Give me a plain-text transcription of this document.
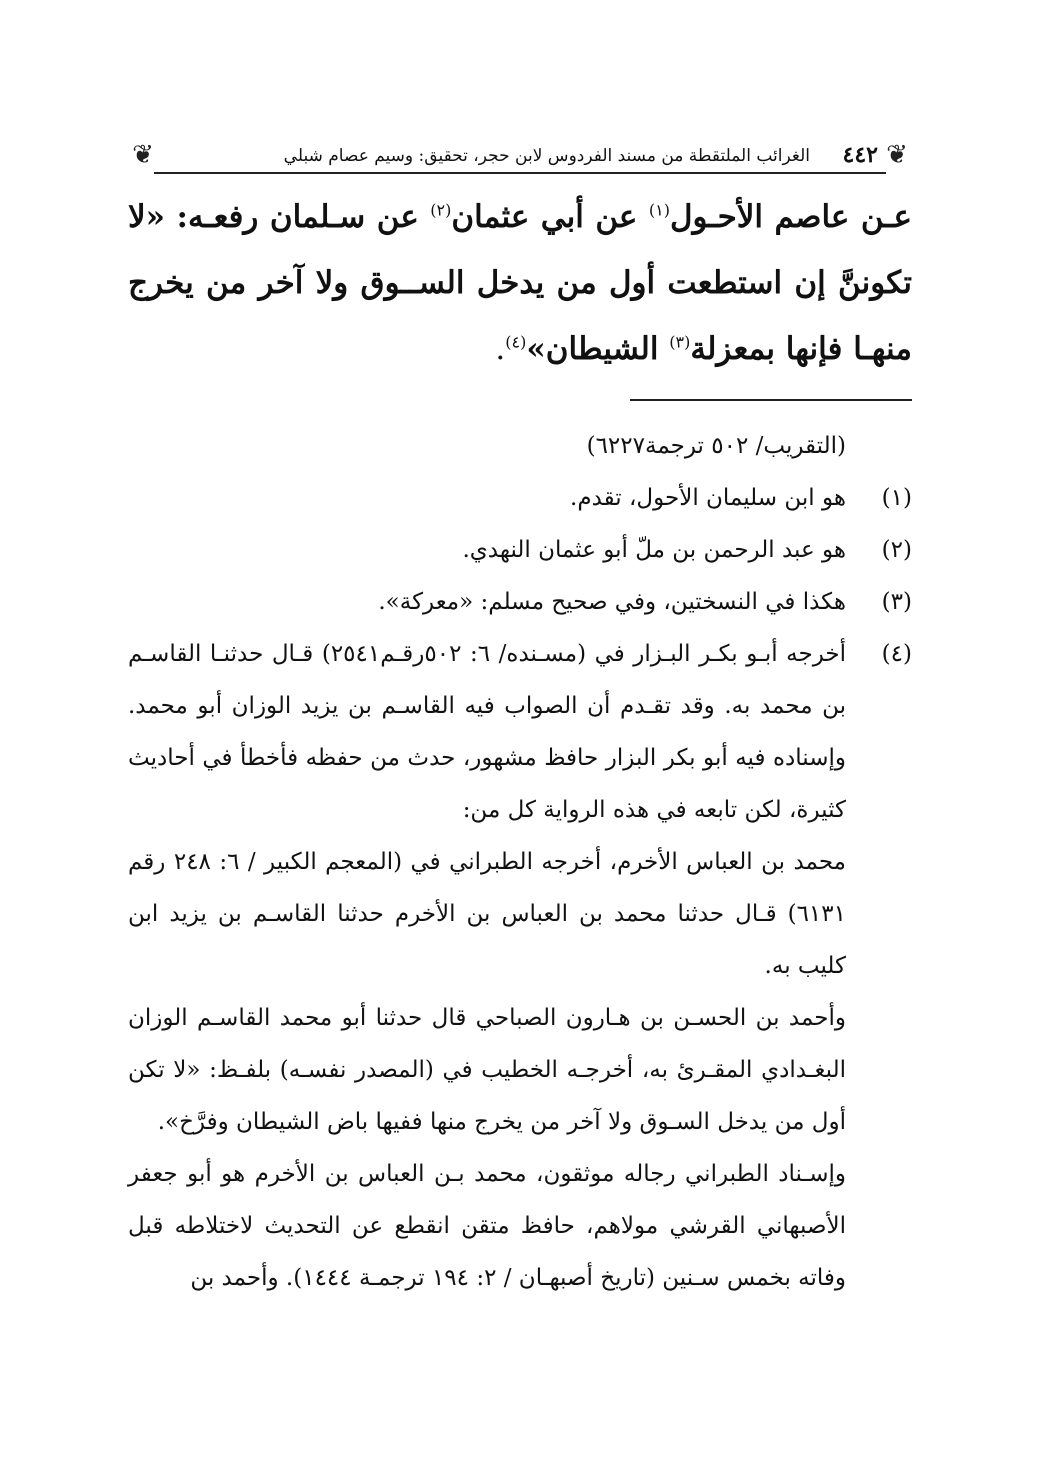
❦
٤٤٢
الغرائب الملتقطة من مسند الفردوس لابن حجر، تحقيق: وسيم عصام شبلي
❦
عـن عاصم الأحـول$^{(١)}$ عن أبي عثمان$^{(٢)}$ عن سـلمان رفعـه: «لا تكوننَّ إن استطعت أول من يدخل الســوق ولا آخر من يخرج منهـا فإنها بمعزلة$^{(٣)}$ الشيطان»$^{(٤)}$.
(التقريب/ ٥٠٢ ترجمة٦٢٢٧)
(١)
هو ابن سليمان الأحول، تقدم.
(٢)
هو عبد الرحمن بن ملّ أبو عثمان النهدي.
(٣)
هكذا في النسختين، وفي صحيح مسلم: «معركة».
(٤)
أخرجه أبـو بكـر البـزار في (مسـنده/ ٦: ٥٠٢رقـم٢٥٤١) قـال حدثنـا القاسـم بن محمد به. وقد تقـدم أن الصواب فيه القاسـم بن يزيد الوزان أبو محمد. وإسناده فيه أبو بكر البزار حافظ مشهور، حدث من حفظه فأخطأ في أحاديث كثيرة، لكن تابعه في هذه الرواية كل من:
محمد بن العباس الأخرم، أخرجه الطبراني في (المعجم الكبير / ٦: ٢٤٨ رقم ٦١٣١) قـال حدثنا محمد بن العباس بن الأخرم حدثنا القاسـم بن يزيد ابن كليب به.
وأحمد بن الحسـن بن هـارون الصباحي قال حدثنا أبو محمد القاسـم الوزان البغـدادي المقـرئ به، أخرجـه الخطيب في (المصدر نفسـه) بلفـظ: «لا تكن أول من يدخل السـوق ولا آخر من يخرج منها ففيها باض الشيطان وفرَّخ».
وإسـناد الطبراني رجاله موثقون، محمد بـن العباس بن الأخرم هو أبو جعفر الأصبهاني القرشي مولاهم، حافظ متقن انقطع عن التحديث لاختلاطه قبل وفاته بخمس سـنين (تاريخ أصبهـان / ٢: ١٩٤ ترجمـة ١٤٤٤). وأحمد بن
